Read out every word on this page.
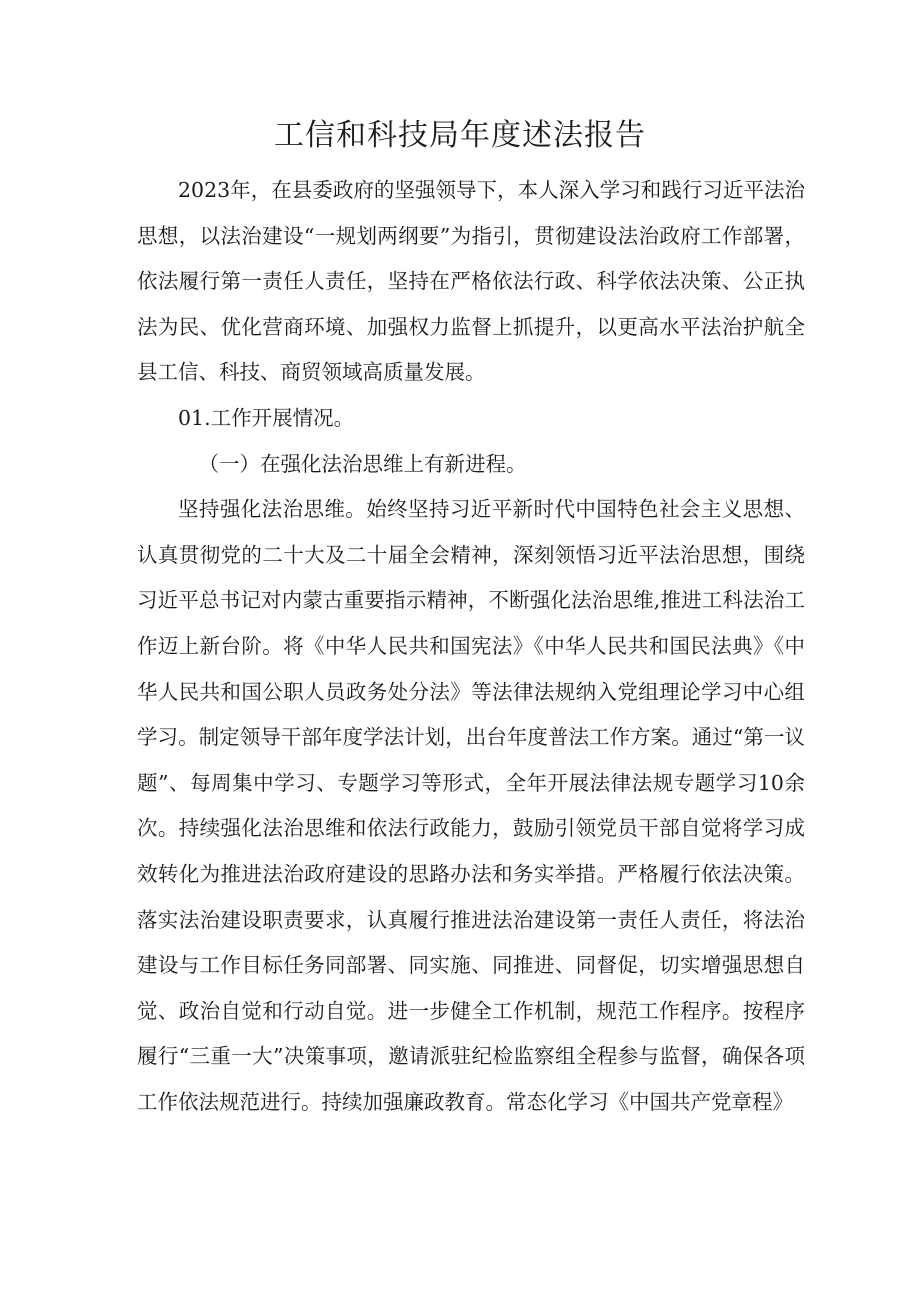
工信和科技局年度述法报告

2023年，在县委政府的坚强领导下，本人深入学习和践行习近平法治思想，以法治建设“一规划两纲要”为指引，贯彻建设法治政府工作部署，依法履行第一责任人责任，坚持在严格依法行政、科学依法决策、公正执法为民、优化营商环境、加强权力监督上抓提升，以更高水平法治护航全县工信、科技、商贸领域高质量发展。

01.工作开展情况。

（一）在强化法治思维上有新进程。

坚持强化法治思维。始终坚持习近平新时代中国特色社会主义思想、认真贯彻党的二十大及二十届全会精神，深刻领悟习近平法治思想，围绕习近平总书记对内蒙古重要指示精神，不断强化法治思维,推进工科法治工作迈上新台阶。将《中华人民共和国宪法》《中华人民共和国民法典》《中华人民共和国公职人员政务处分法》等法律法规纳入党组理论学习中心组学习。制定领导干部年度学法计划，出台年度普法工作方案。通过“第一议题”、每周集中学习、专题学习等形式，全年开展法律法规专题学习10余次。持续强化法治思维和依法行政能力，鼓励引领党员干部自觉将学习成效转化为推进法治政府建设的思路办法和务实举措。严格履行依法决策。落实法治建设职责要求，认真履行推进法治建设第一责任人责任，将法治建设与工作目标任务同部署、同实施、同推进、同督促，切实增强思想自觉、政治自觉和行动自觉。进一步健全工作机制，规范工作程序。按程序履行“三重一大”决策事项，邀请派驻纪检监察组全程参与监督，确保各项工作依法规范进行。持续加强廉政教育。常态化学习《中国共产党章程》
